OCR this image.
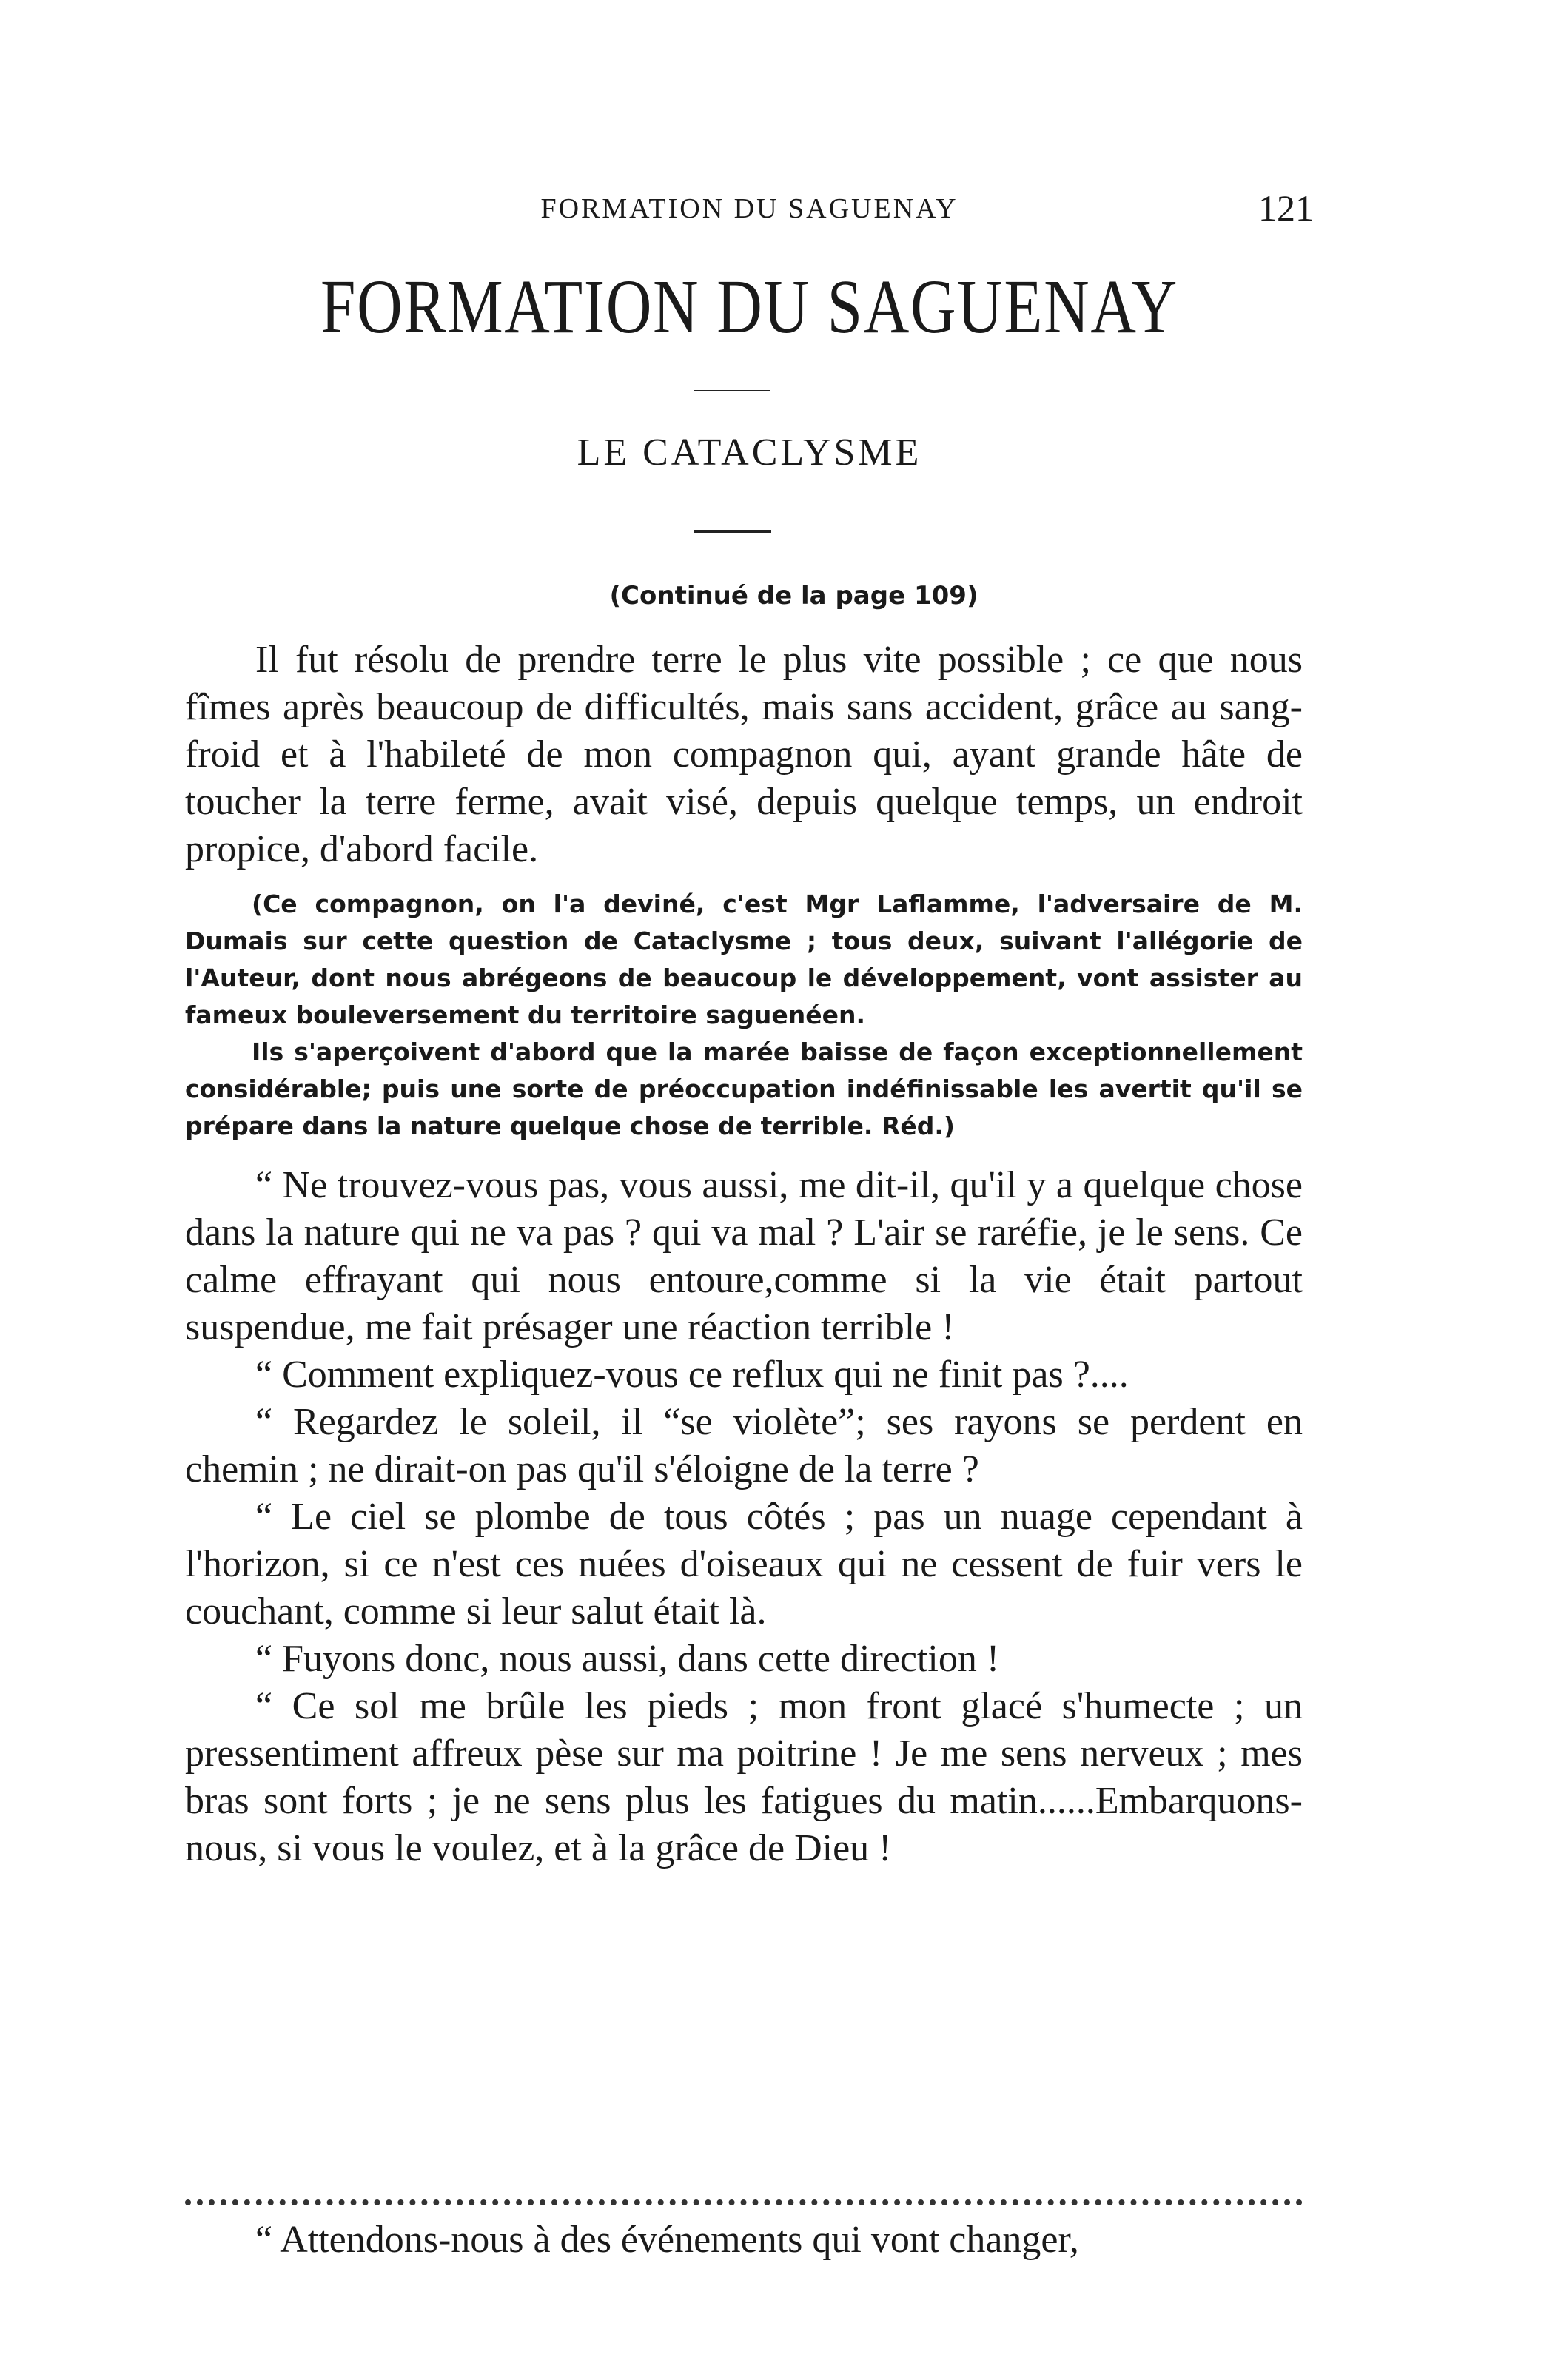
FORMATION DU SAGUENAY	121
FORMATION DU SAGUENAY
LE CATACLYSME
(Continué de la page 109)

Il fut résolu de prendre terre le plus vite possible ; ce que nous fîmes après beaucoup de difficultés, mais sans accident, grâce au sang-froid et à l'habileté de mon compagnon qui, ayant grande hâte de toucher la terre ferme, avait visé, depuis quelque temps, un endroit propice, d'abord facile.

(Ce compagnon, on l'a deviné, c'est Mgr Laflamme, l'adversaire de M. Dumais sur cette question de Cataclysme ; tous deux, suivant l'allégorie de l'Auteur, dont nous abrégeons de beaucoup le développement, vont assister au fameux bouleversement du territoire saguenéen.

Ils s'aperçoivent d'abord que la marée baisse de façon exceptionnellement considérable; puis une sorte de préoccupation indéfinissable les avertit qu'il se prépare dans la nature quelque chose de terrible. Réd.)

“ Ne trouvez-vous pas, vous aussi, me dit-il, qu'il y a quelque chose dans la nature qui ne va pas ? qui va mal ? L'air se raréfie, je le sens. Ce calme effrayant qui nous entoure,comme si la vie était partout suspendue, me fait présager une réaction terrible !

“ Comment expliquez-vous ce reflux qui ne finit pas ?....

“ Regardez le soleil, il “se violète”; ses rayons se perdent en chemin ; ne dirait-on pas qu'il s'éloigne de la terre ?

“ Le ciel se plombe de tous côtés ; pas un nuage cependant à l'horizon, si ce n'est ces nuées d'oiseaux qui ne cessent de fuir vers le couchant, comme si leur salut était là.

“ Fuyons donc, nous aussi, dans cette direction !

“ Ce sol me brûle les pieds ; mon front glacé s'humecte ; un pressentiment affreux pèse sur ma poitrine ! Je me sens nerveux ; mes bras sont forts ; je ne sens plus les fatigues du matin......Embarquons-nous, si vous le voulez, et à la grâce de Dieu !

“ Attendons-nous à des événements qui vont changer,
